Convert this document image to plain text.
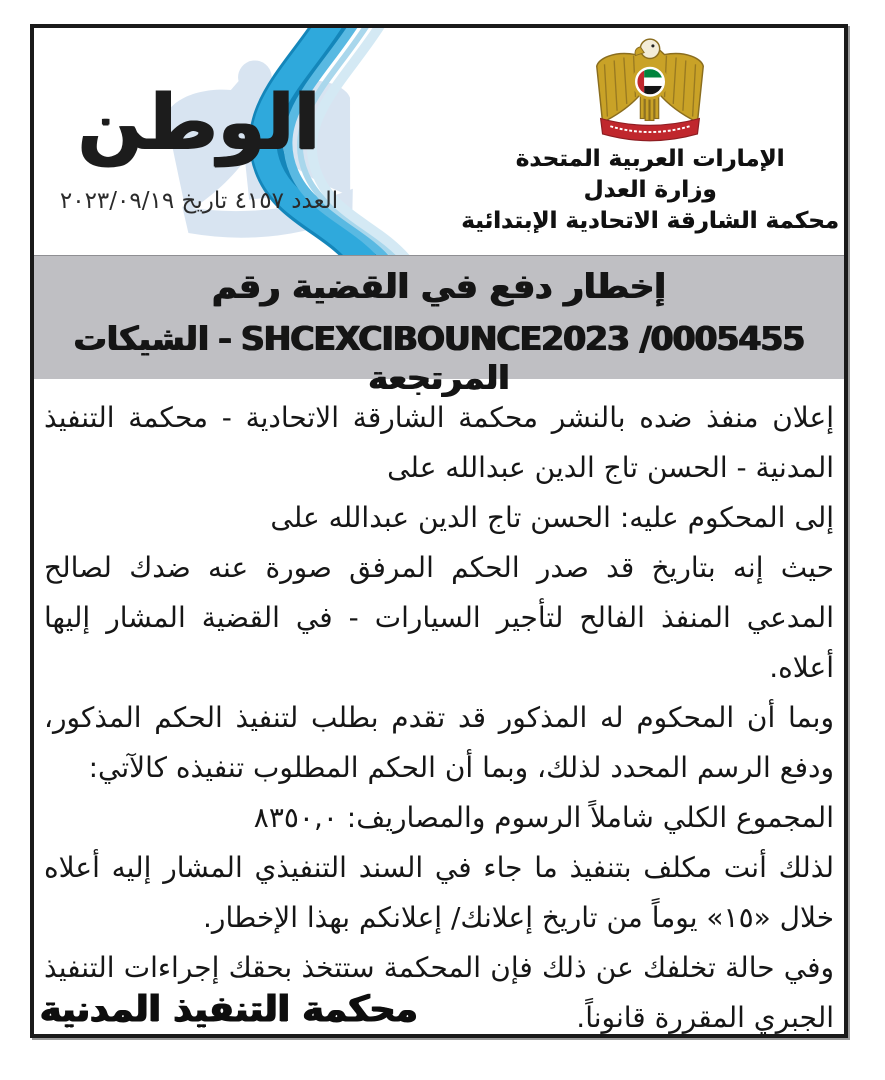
الوطن
العدد ٤١٥٧ تاريخ ٢٠٢٣/٠٩/١٩
الإمارات العربية المتحدة
وزارة العدل
محكمة الشارقة الاتحادية الإبتدائية
إخطار دفع في القضية رقم
SHCEXCIBOUNCE2023 /0005455-الشيكات المرتجعة

إعلان منفذ ضده بالنشر محكمة الشارقة الاتحادية - محكمة التنفيذ المدنية - الحسن تاج الدين عبدالله على

إلى المحكوم عليه: الحسن تاج الدين عبدالله على

حيث إنه بتاريخ قد صدر الحكم المرفق صورة عنه ضدك لصالح المدعي المنفذ الفالح لتأجير السيارات - في القضية المشار إليها أعلاه.

وبما أن المحكوم له المذكور قد تقدم بطلب لتنفيذ الحكم المذكور، ودفع الرسم المحدد لذلك، وبما أن الحكم المطلوب تنفيذه كالآتي:

المجموع الكلي شاملاً الرسوم والمصاريف: ٨٣٥٠,٠

لذلك أنت مكلف بتنفيذ ما جاء في السند التنفيذي المشار إليه أعلاه خلال «١٥» يوماً من تاريخ إعلانك/ إعلانكم بهذا الإخطار.

وفي حالة تخلفك عن ذلك فإن المحكمة ستتخذ بحقك إجراءات التنفيذ الجبري المقررة قانوناً.

محكمة التنفيذ المدنية
